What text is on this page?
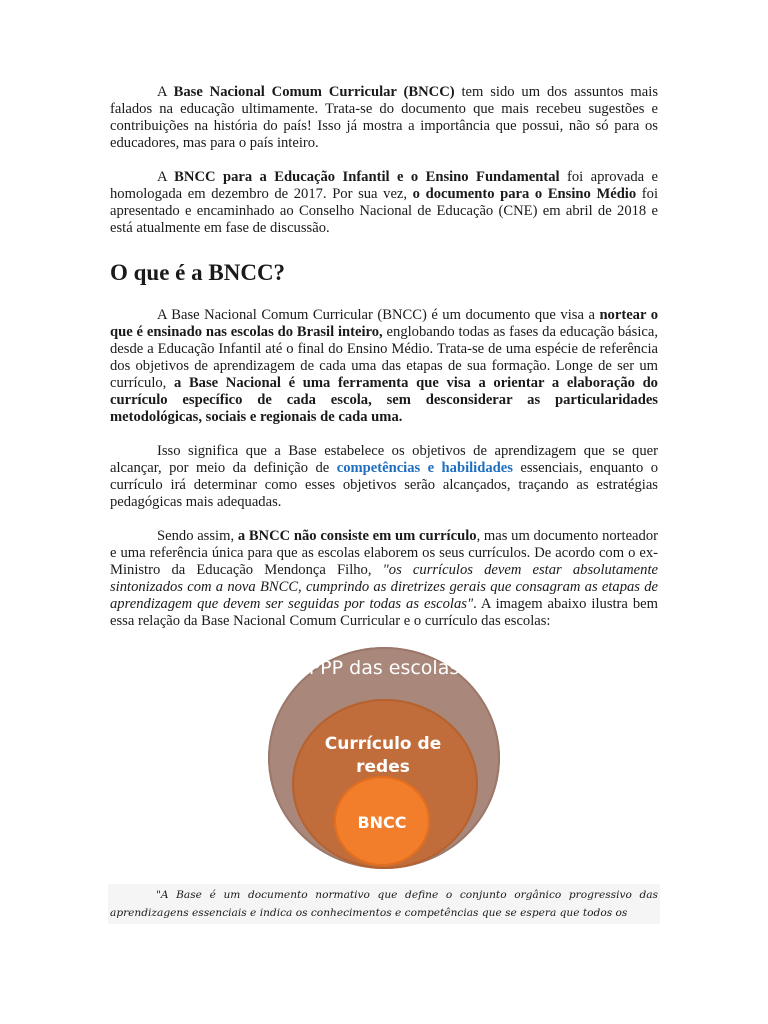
A Base Nacional Comum Curricular (BNCC) tem sido um dos assuntos mais falados na educação ultimamente. Trata-se do documento que mais recebeu sugestões e contribuições na história do país! Isso já mostra a importância que possui, não só para os educadores, mas para o país inteiro.

A BNCC para a Educação Infantil e o Ensino Fundamental foi aprovada e homologada em dezembro de 2017. Por sua vez, o documento para o Ensino Médio foi apresentado e encaminhado ao Conselho Nacional de Educação (CNE) em abril de 2018 e está atualmente em fase de discussão.

O que é a BNCC?

A Base Nacional Comum Curricular (BNCC) é um documento que visa a nortear o que é ensinado nas escolas do Brasil inteiro, englobando todas as fases da educação básica, desde a Educação Infantil até o final do Ensino Médio. Trata-se de uma espécie de referência dos objetivos de aprendizagem de cada uma das etapas de sua formação. Longe de ser um currículo, a Base Nacional é uma ferramenta que visa a orientar a elaboração do currículo específico de cada escola, sem desconsiderar as particularidades metodológicas, sociais e regionais de cada uma.

Isso significa que a Base estabelece os objetivos de aprendizagem que se quer alcançar, por meio da definição de competências e habilidades essenciais, enquanto o currículo irá determinar como esses objetivos serão alcançados, traçando as estratégias pedagógicas mais adequadas.

Sendo assim, a BNCC não consiste em um currículo, mas um documento norteador e uma referência única para que as escolas elaborem os seus currículos. De acordo com o ex-Ministro da Educação Mendonça Filho, "os currículos devem estar absolutamente sintonizados com a nova BNCC, cumprindo as diretrizes gerais que consagram as etapas de aprendizagem que devem ser seguidas por todas as escolas". A imagem abaixo ilustra bem essa relação da Base Nacional Comum Curricular e o currículo das escolas:

PPP das escolas
Currículo de redes
BNCC

"A Base é um documento normativo que define o conjunto orgânico progressivo das aprendizagens essenciais e indica os conhecimentos e competências que se espera que todos os
